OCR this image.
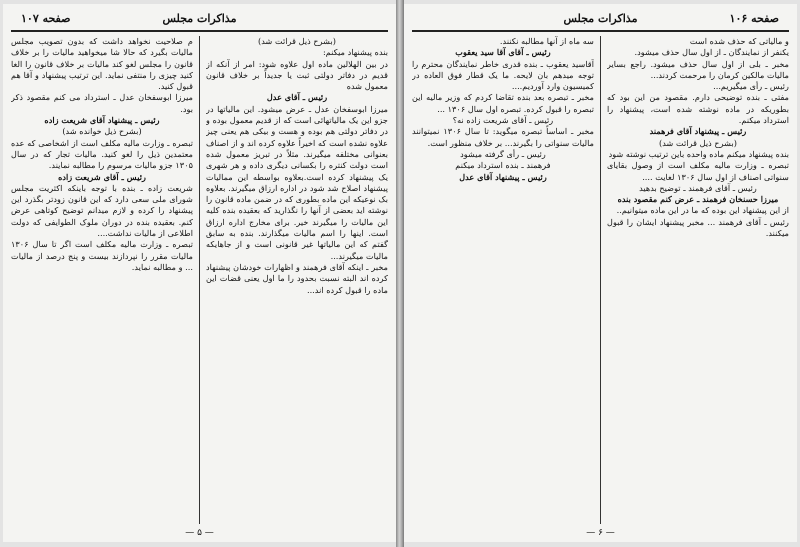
صفحه ۱۰۷	مذاکرات مجلس

(بشرح ذیل قرائت شد)

بنده پیشنهاد میکنم:

در بین الهلالین ماده اول علاوه شود: امر از آنکه از قدیم در دفاتر دولتی ثبت یا جدیداً بر خلاف قانون معمول شده

رئیس ـ آقای عدل

میرزا ابوسفخان عدل ـ عرض میشود. این مالیاتها در جزو این یک مالیاتهائی است که از قدیم معمول بوده و در دفاتر دولتی هم بوده و هست و بیکی هم یعنی چیز علاوه نشده است که اخیراً علاوه کرده اند و از اصناف بعنوانی مختلفه میگیرند. مثلاً در تبریز معمول شده است دولت کنتره را بکسانی دیگری داده و هر شهری یک پیشنهاد کرده است.بعلاوه بواسطه این ممالیات پیشنهاد اصلاح شد شود در اداره ارزاق میگیرند. بعلاوه بک نوعیکه این ماده بطوری که در ضمن ماده قانون را نوشته اید بعضی از آنها را نگذارید که بعقیده بنده کلیه این مالیات را میگیرند خیر. برای مخارج اداره ارزاق است. اینها را اسم مالیات میگذارند. بنده به سابق گفتم که این مالیاتها غیر قانونی است و از جاهایکه مالیات میگیرند...

مخبر ـ اینکه آقای فرهمند و اظهارات خودشان پیشنهاد کرده اند البته نسبت بحدود را ما اول یعنی قضات این ماده را قبول کرده اند...

م صلاحیت نخواهد داشت که بدون تصویب مجلس مالیات بگیرد که حالا شا میخواهید مالیات را بر خلاف قانون را مجلس لغو کند مالیات بر خلاف قانون را الغا کنید چیزی را منتفی نماید. این ترتیب پیشنهاد و آقا هم قبول کنید.

میرزا ابوسفخان عدل ـ استرداد می کنم مقصود ذکر بود.

رئیس ـ پیشنهاد آقای شریعت زاده

(بشرح ذیل خوانده شد)

تبصره ـ وزارت مالیه مکلف است از اشخاصی که عده معتمدین ذیل را لغو کنید. مالیات تجار که در سال ۱۳۰۵ جزو مالیات مرسوم را مطالبه نمایند.

رئیس ـ آقای شریعت زاده

شریعت زاده ـ بنده با توجه باینکه اکثریت مجلس شورای ملی سعی دارد که این قانون زودتر بگذرد این پیشنهاد را کرده و لازم میدانم توضیح کوتاهی عرض کنم. بعقیده بنده در دوران ملوک الطوایفی که دولت اطلاعی از مالیات نداشت....

تبصره ـ وزارت مالیه مکلف است اگر تا سال ۱۳۰۶ مالیات مقرر را نپردازند بیست و پنج درصد از مالیات ... و مطالبه نماید.

— ۵ —
مذاکرات مجلس	صفحه ۱۰۶

و مالیاتی که حذف شده است

یکنفر از نمایندگان ـ از اول سال حذف میشود.

مخبر ـ بلی از اول سال حذف میشود. راجع بسایر مالیات مالکین کرمان را مرحمت کردند...

رئیس ـ رأی میگیریم...

مفتی ـ بنده توضیحی دارم. مقصود من این بود که بطوریکه در ماده نوشته شده است، پیشنهاد را استرداد میکنم.

رئیس ـ پیشنهاد آقای فرهمند

(بشرح ذیل قرائت شد)

بنده پیشنهاد میکنم ماده واحده باین ترتیب نوشته شود

تبصره ـ وزارت مالیه مکلف است از وصول بقایای سنواتی اصناف از اول سال ۱۳۰۶ لغایت ....

رئیس ـ آقای فرهمند ـ توضیح بدهید

میرزا حسنخان فرهمند ـ عرض کنم مقصود بنده

از این پیشنهاد این بوده که ما در این ماده میتوانیم..

رئیس ـ آقای فرهمند ... مخبر پیشنهاد ایشان را قبول میکنند.

سه ماه از آنها مطالبه نکنند.

رئیس ـ آقای آقا سید یعقوب

آقاسید یعقوب ـ بنده قدری خاطر نمایندگان محترم را توجه میدهم بان لایحه. ما یک قطار فوق العاده در کمیسیون وارد آوردیم....

مخبر ـ تبصره بعد بنده تقاضا کردم که وزیر مالیه این تبصره را قبول کرده. تبصره اول سال ۱۳۰۶ ...

رئیس ـ آقای شریعت زاده نه؟

مخبر ـ اساساً تبصره میگوید: تا سال ۱۳۰۶ نمیتوانند مالیات سنواتی را بگیرند... بر خلاف منظور است.

رئیس ـ رأی گرفته میشود

فرهمند ـ بنده استرداد میکنم

رئیس ـ پیشنهاد آقای عدل

— ۶ —
